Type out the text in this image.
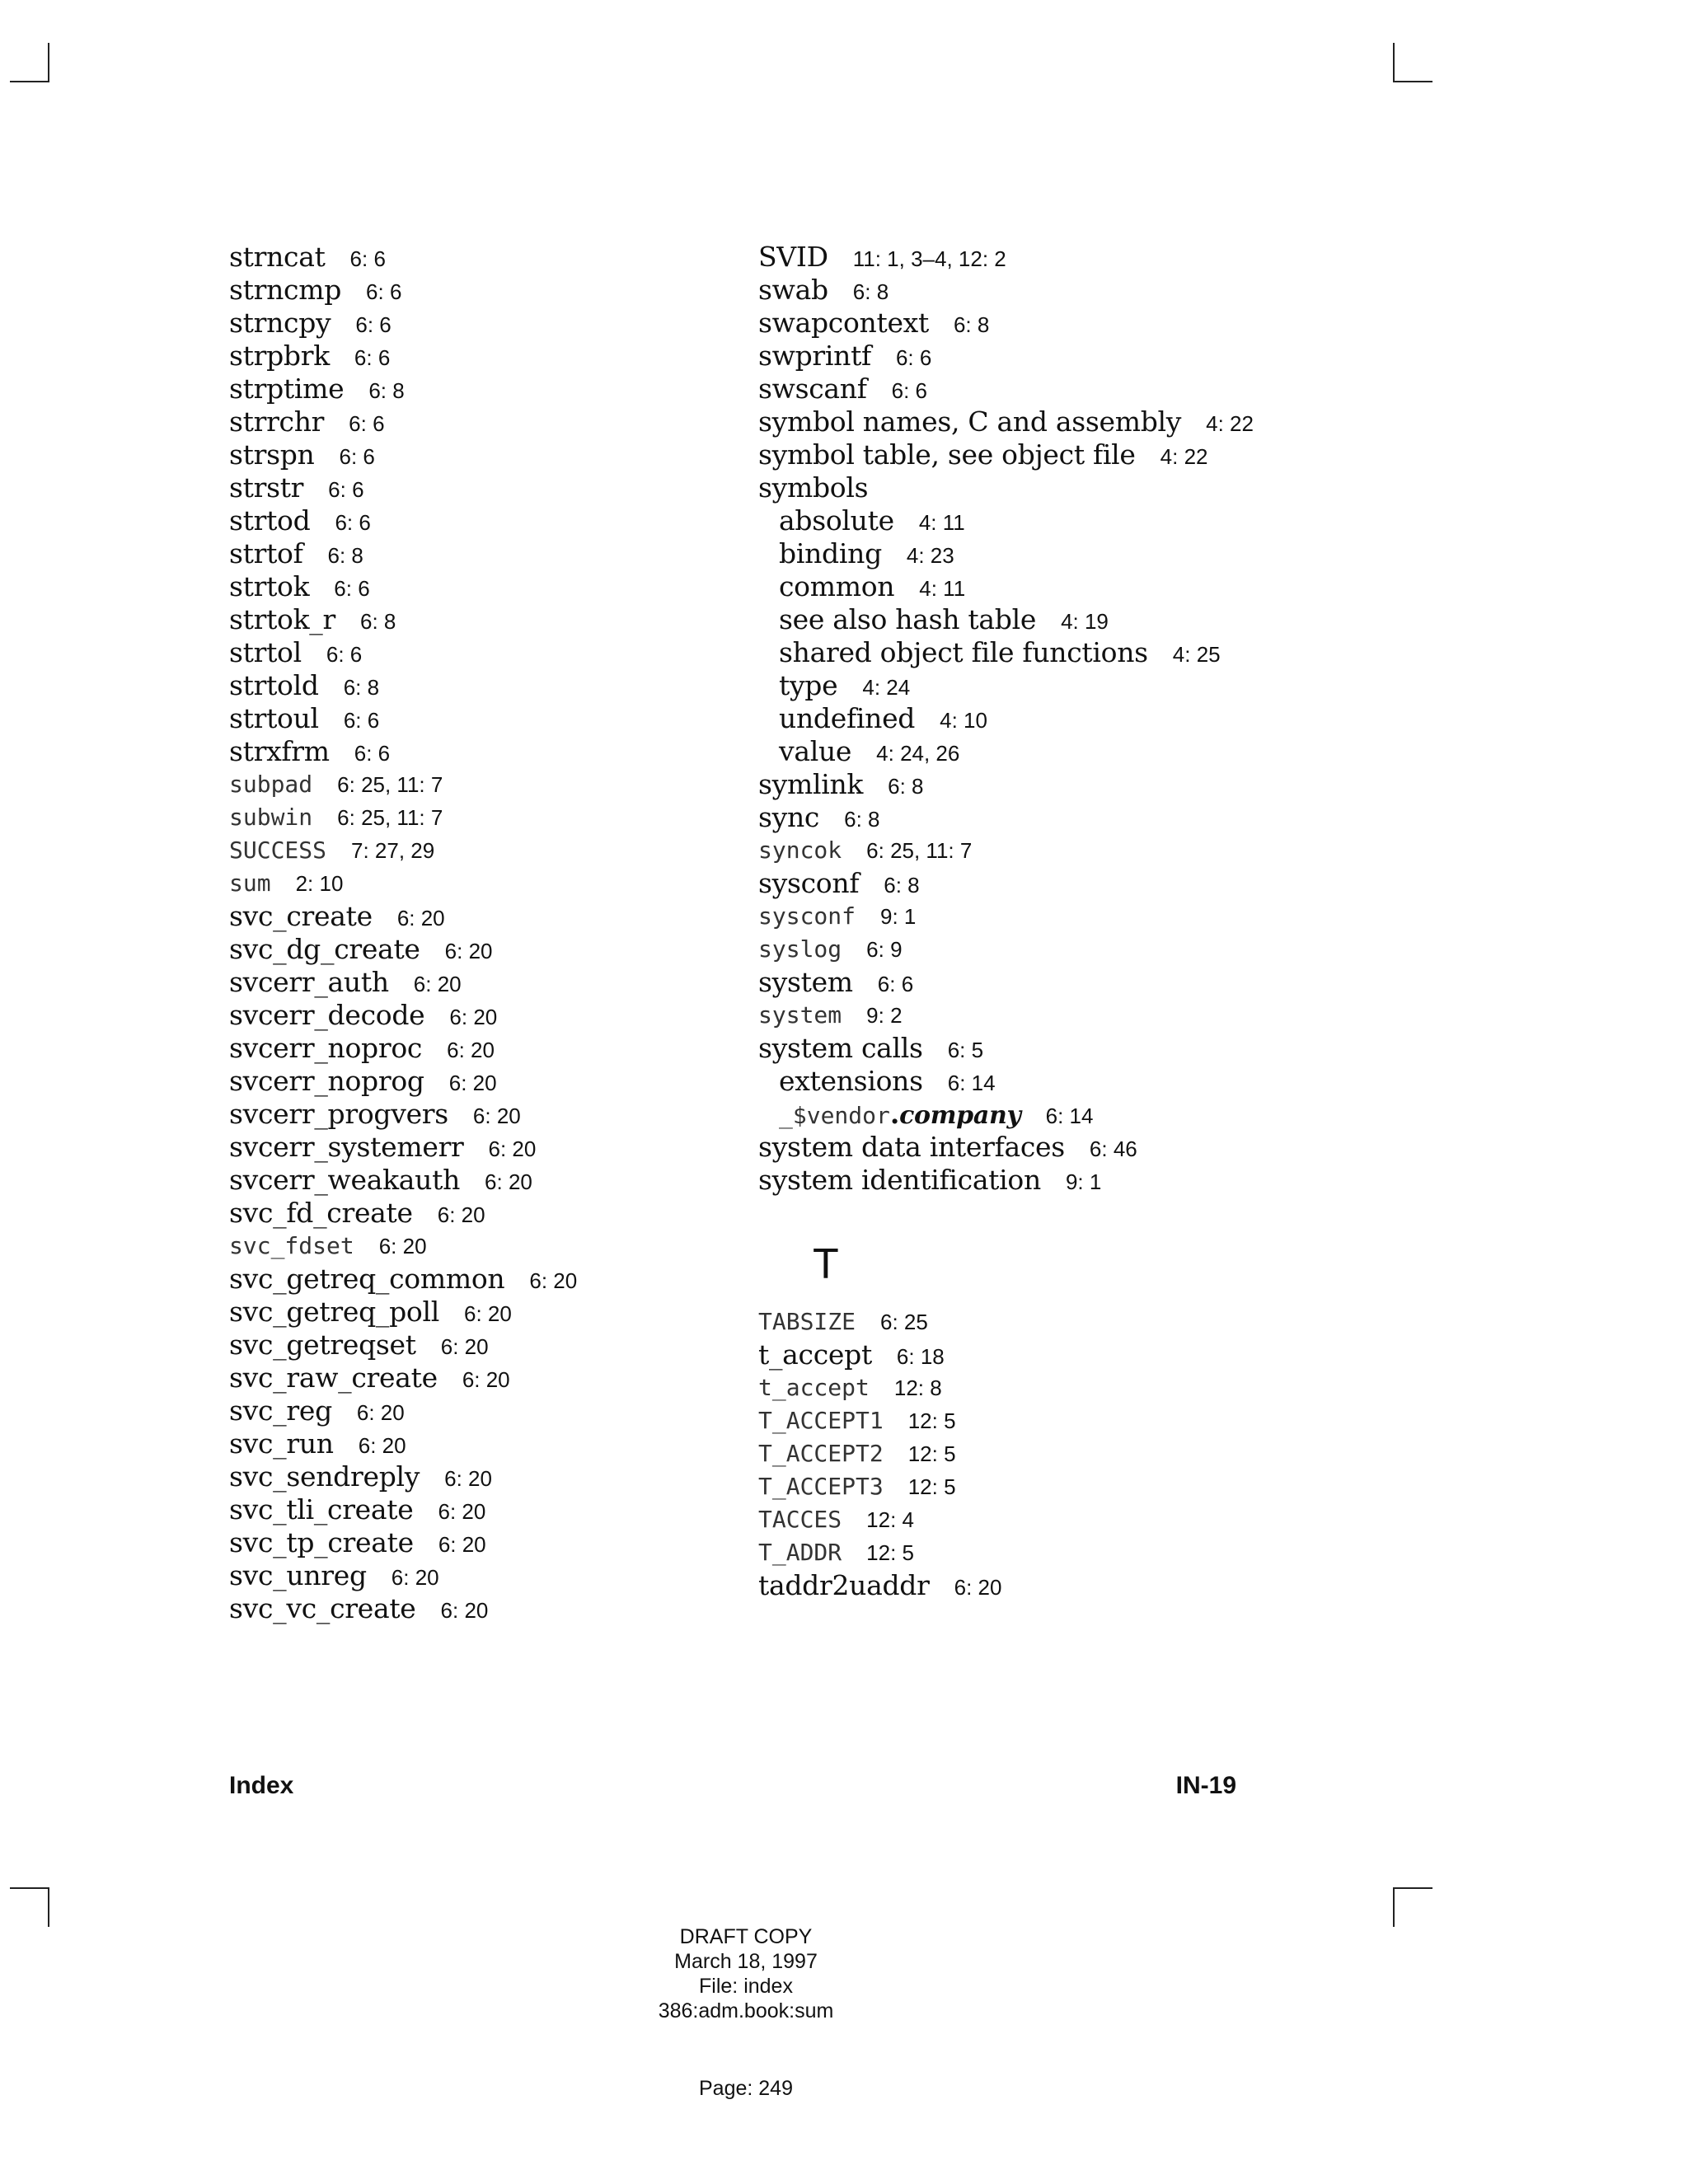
strncat 6: 6
strncmp 6: 6
strncpy 6: 6
strpbrk 6: 6
strptime 6: 8
strrchr 6: 6
strspn 6: 6
strstr 6: 6
strtod 6: 6
strtof 6: 8
strtok 6: 6
strtok_r 6: 8
strtol 6: 6
strtold 6: 8
strtoul 6: 6
strxfrm 6: 6
subpad 6: 25, 11: 7
subwin 6: 25, 11: 7
SUCCESS 7: 27, 29
sum 2: 10
svc_create 6: 20
svc_dg_create 6: 20
svcerr_auth 6: 20
svcerr_decode 6: 20
svcerr_noproc 6: 20
svcerr_noprog 6: 20
svcerr_progvers 6: 20
svcerr_systemerr 6: 20
svcerr_weakauth 6: 20
svc_fd_create 6: 20
svc_fdset 6: 20
svc_getreq_common 6: 20
svc_getreq_poll 6: 20
svc_getreqset 6: 20
svc_raw_create 6: 20
svc_reg 6: 20
svc_run 6: 20
svc_sendreply 6: 20
svc_tli_create 6: 20
svc_tp_create 6: 20
svc_unreg 6: 20
svc_vc_create 6: 20
SVID 11: 1, 3–4, 12: 2
swab 6: 8
swapcontext 6: 8
swprintf 6: 6
swscanf 6: 6
symbol names, C and assembly 4: 22
symbol table, see object file 4: 22
symbols
absolute 4: 11
binding 4: 23
common 4: 11
see also hash table 4: 19
shared object file functions 4: 25
type 4: 24
undefined 4: 10
value 4: 24, 26
symlink 6: 8
sync 6: 8
syncok 6: 25, 11: 7
sysconf 6: 8
sysconf 9: 1
syslog 6: 9
system 6: 6
system 9: 2
system calls 6: 5
extensions 6: 14
_$vendor.company 6: 14
system data interfaces 6: 46
system identification 9: 1
T
TABSIZE 6: 25
t_accept 6: 18
t_accept 12: 8
T_ACCEPT1 12: 5
T_ACCEPT2 12: 5
T_ACCEPT3 12: 5
TACCES 12: 4
T_ADDR 12: 5
taddr2uaddr 6: 20
Index	IN-19
DRAFT COPY
March 18, 1997
File: index
386:adm.book:sum
Page: 249
